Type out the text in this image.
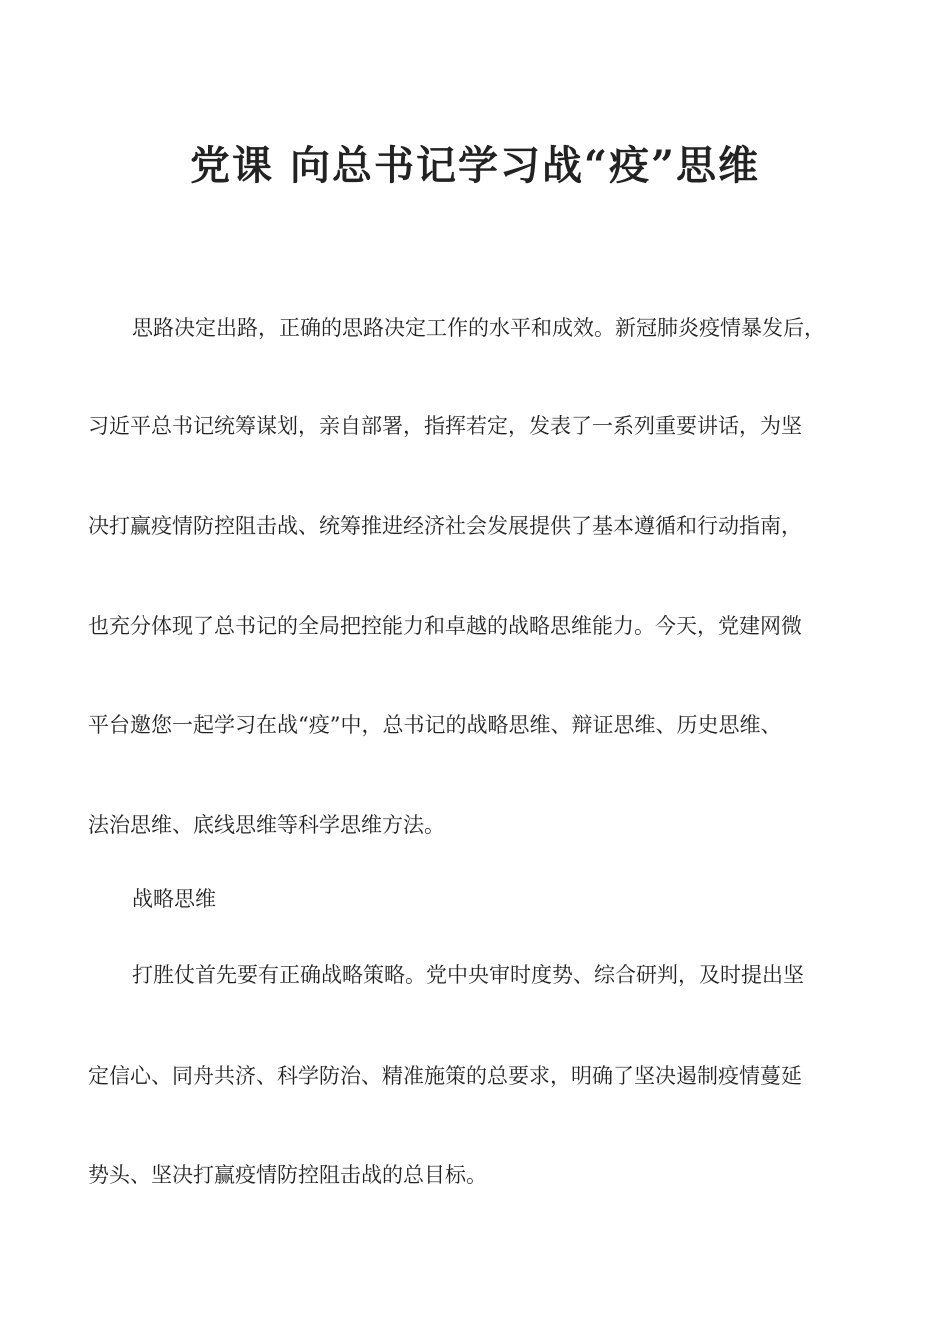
党课 向总书记学习战“疫”思维

思路决定出路，正确的思路决定工作的水平和成效。新冠肺炎疫情暴发后，

习近平总书记统筹谋划，亲自部署，指挥若定，发表了一系列重要讲话，为坚

决打赢疫情防控阻击战、统筹推进经济社会发展提供了基本遵循和行动指南，

也充分体现了总书记的全局把控能力和卓越的战略思维能力。今天，党建网微

平台邀您一起学习在战“疫”中，总书记的战略思维、辩证思维、历史思维、

法治思维、底线思维等科学思维方法。

战略思维

打胜仗首先要有正确战略策略。党中央审时度势、综合研判，及时提出坚

定信心、同舟共济、科学防治、精准施策的总要求，明确了坚决遏制疫情蔓延

势头、坚决打赢疫情防控阻击战的总目标。
